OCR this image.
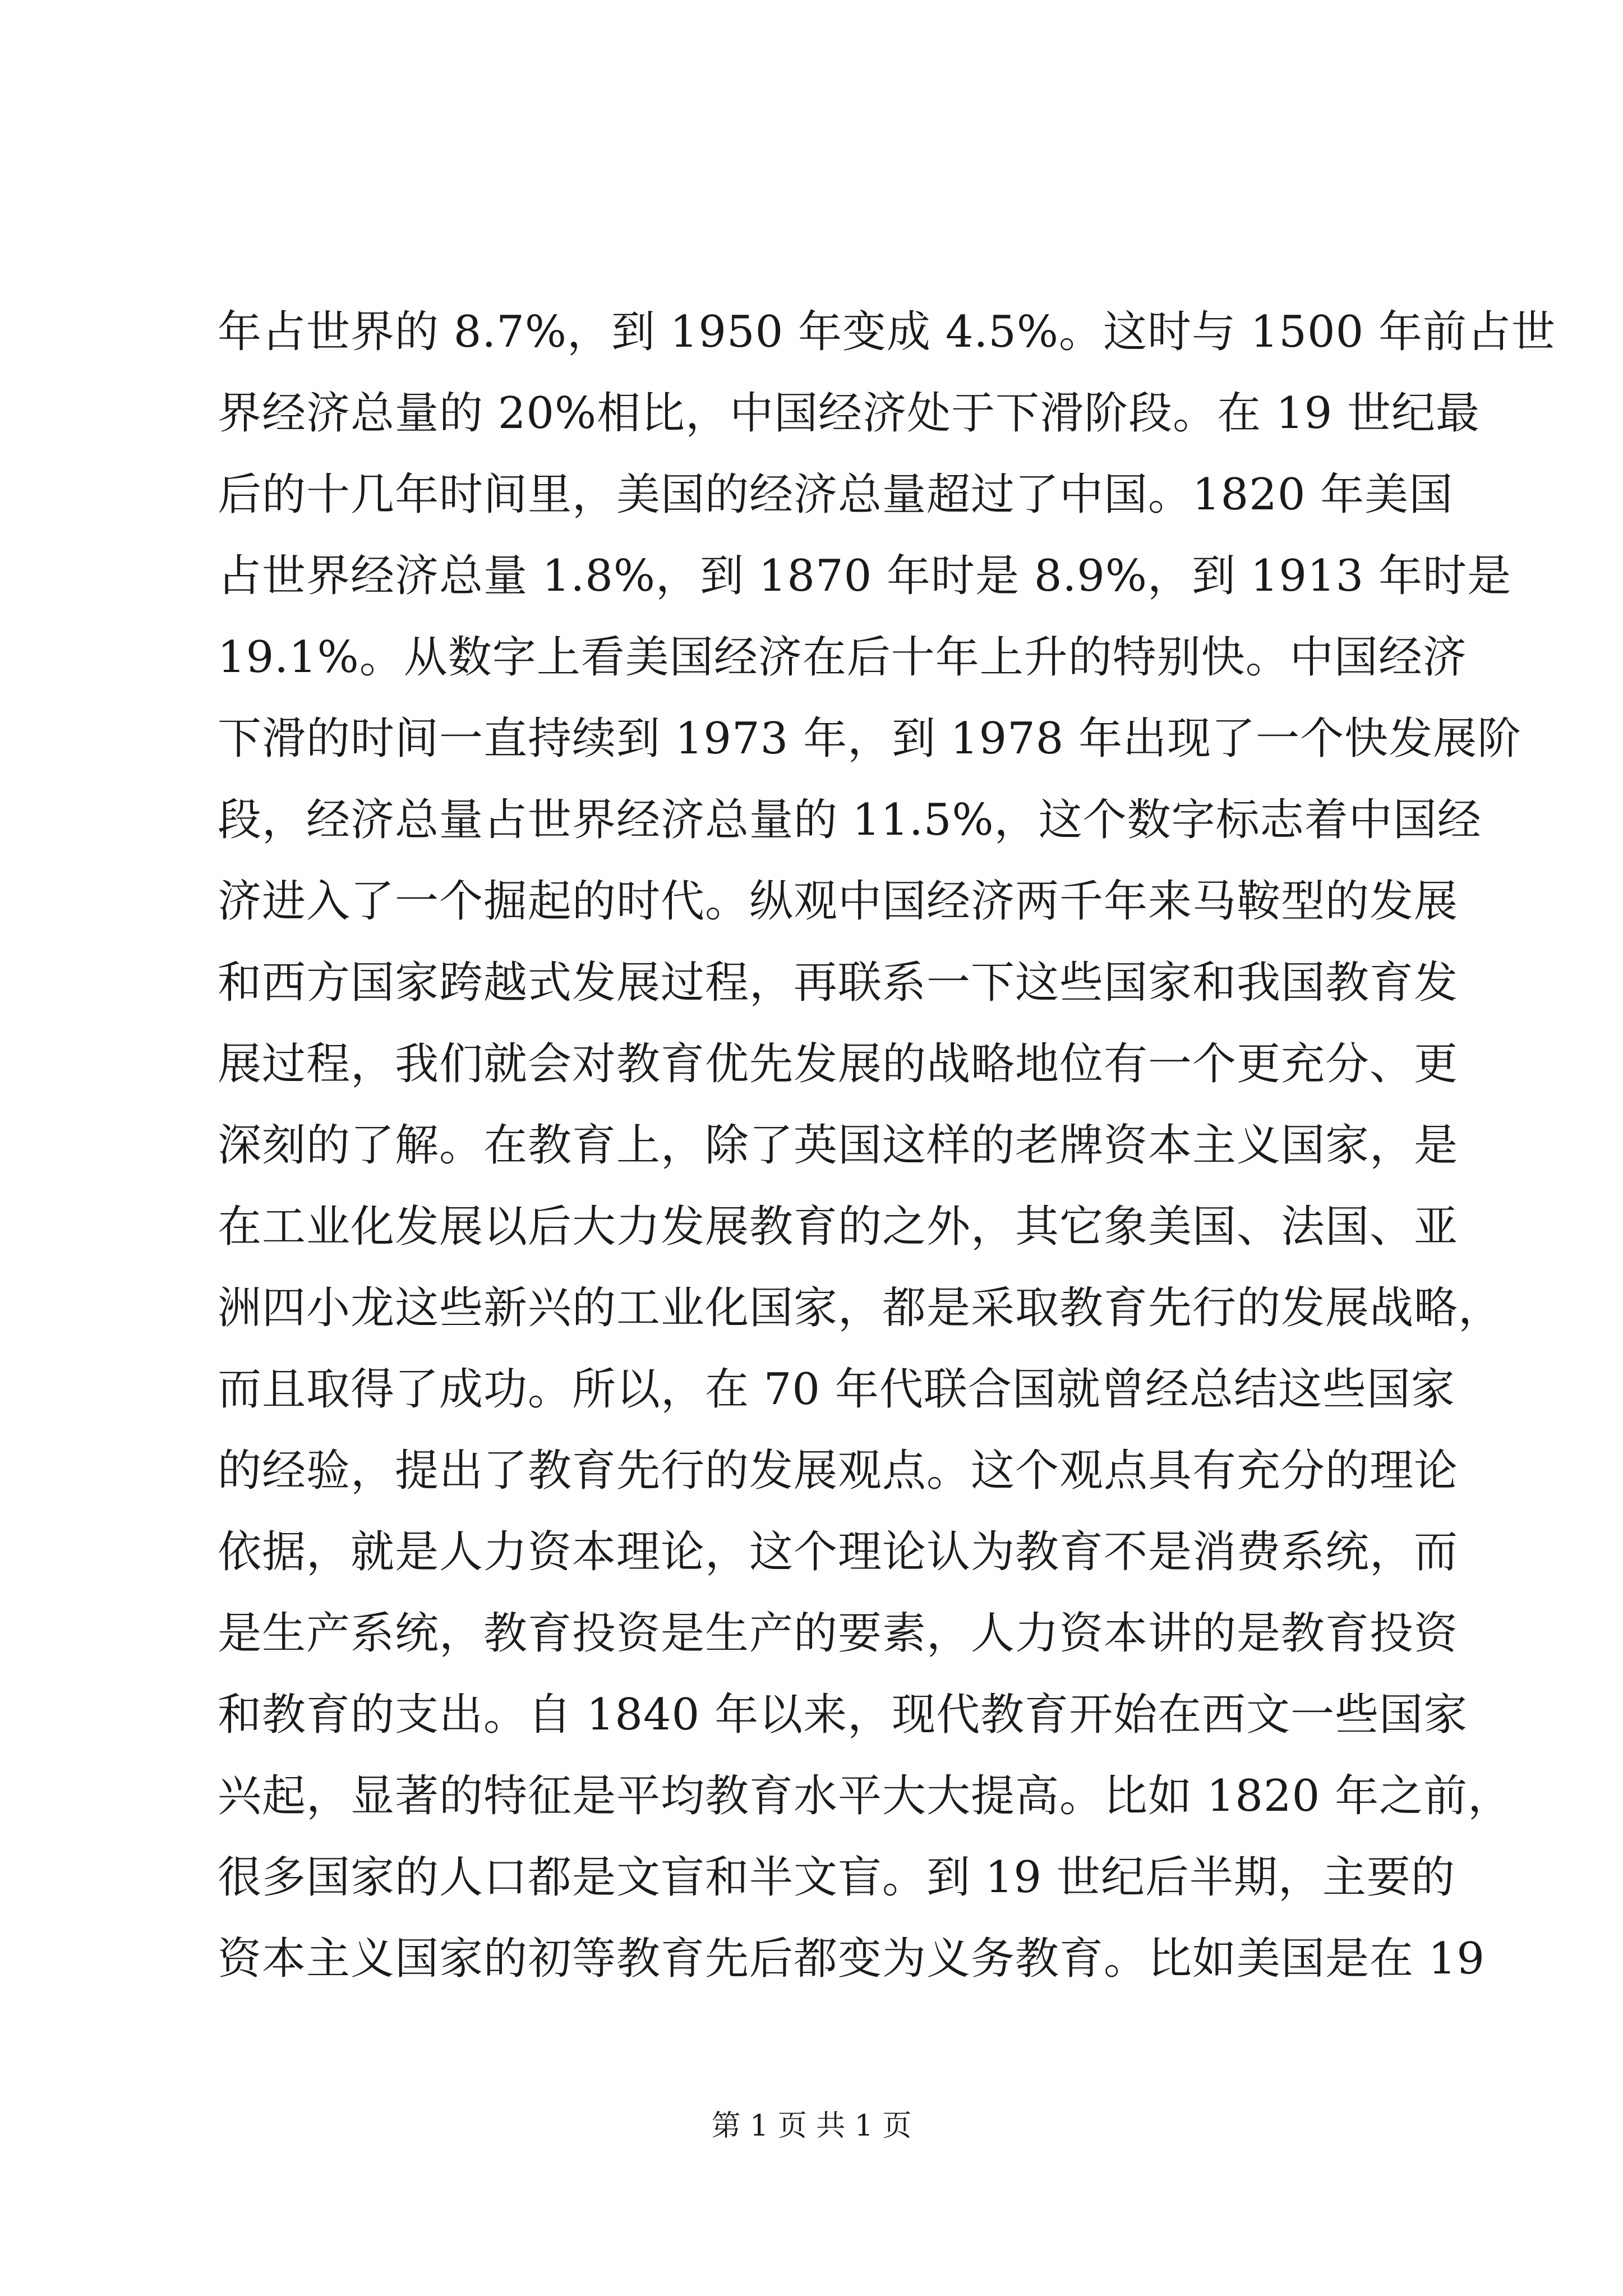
年占世界的 8.7%，到 1950 年变成 4.5%。这时与 1500 年前占世
界经济总量的 20%相比，中国经济处于下滑阶段。在 19 世纪最
后的十几年时间里，美国的经济总量超过了中国。1820 年美国
占世界经济总量 1.8%，到 1870 年时是 8.9%，到 1913 年时是
19.1%。从数字上看美国经济在后十年上升的特别快。中国经济
下滑的时间一直持续到 1973 年，到 1978 年出现了一个快发展阶
段，经济总量占世界经济总量的 11.5%，这个数字标志着中国经
济进入了一个掘起的时代。纵观中国经济两千年来马鞍型的发展
和西方国家跨越式发展过程，再联系一下这些国家和我国教育发
展过程，我们就会对教育优先发展的战略地位有一个更充分、更
深刻的了解。在教育上，除了英国这样的老牌资本主义国家，是
在工业化发展以后大力发展教育的之外，其它象美国、法国、亚
洲四小龙这些新兴的工业化国家，都是采取教育先行的发展战略，
而且取得了成功。所以，在 70 年代联合国就曾经总结这些国家
的经验，提出了教育先行的发展观点。这个观点具有充分的理论
依据，就是人力资本理论，这个理论认为教育不是消费系统，而
是生产系统，教育投资是生产的要素，人力资本讲的是教育投资
和教育的支出。自 1840 年以来，现代教育开始在西文一些国家
兴起，显著的特征是平均教育水平大大提高。比如 1820 年之前，
很多国家的人口都是文盲和半文盲。到 19 世纪后半期，主要的
资本主义国家的初等教育先后都变为义务教育。比如美国是在 19
第 1 页 共 1 页
